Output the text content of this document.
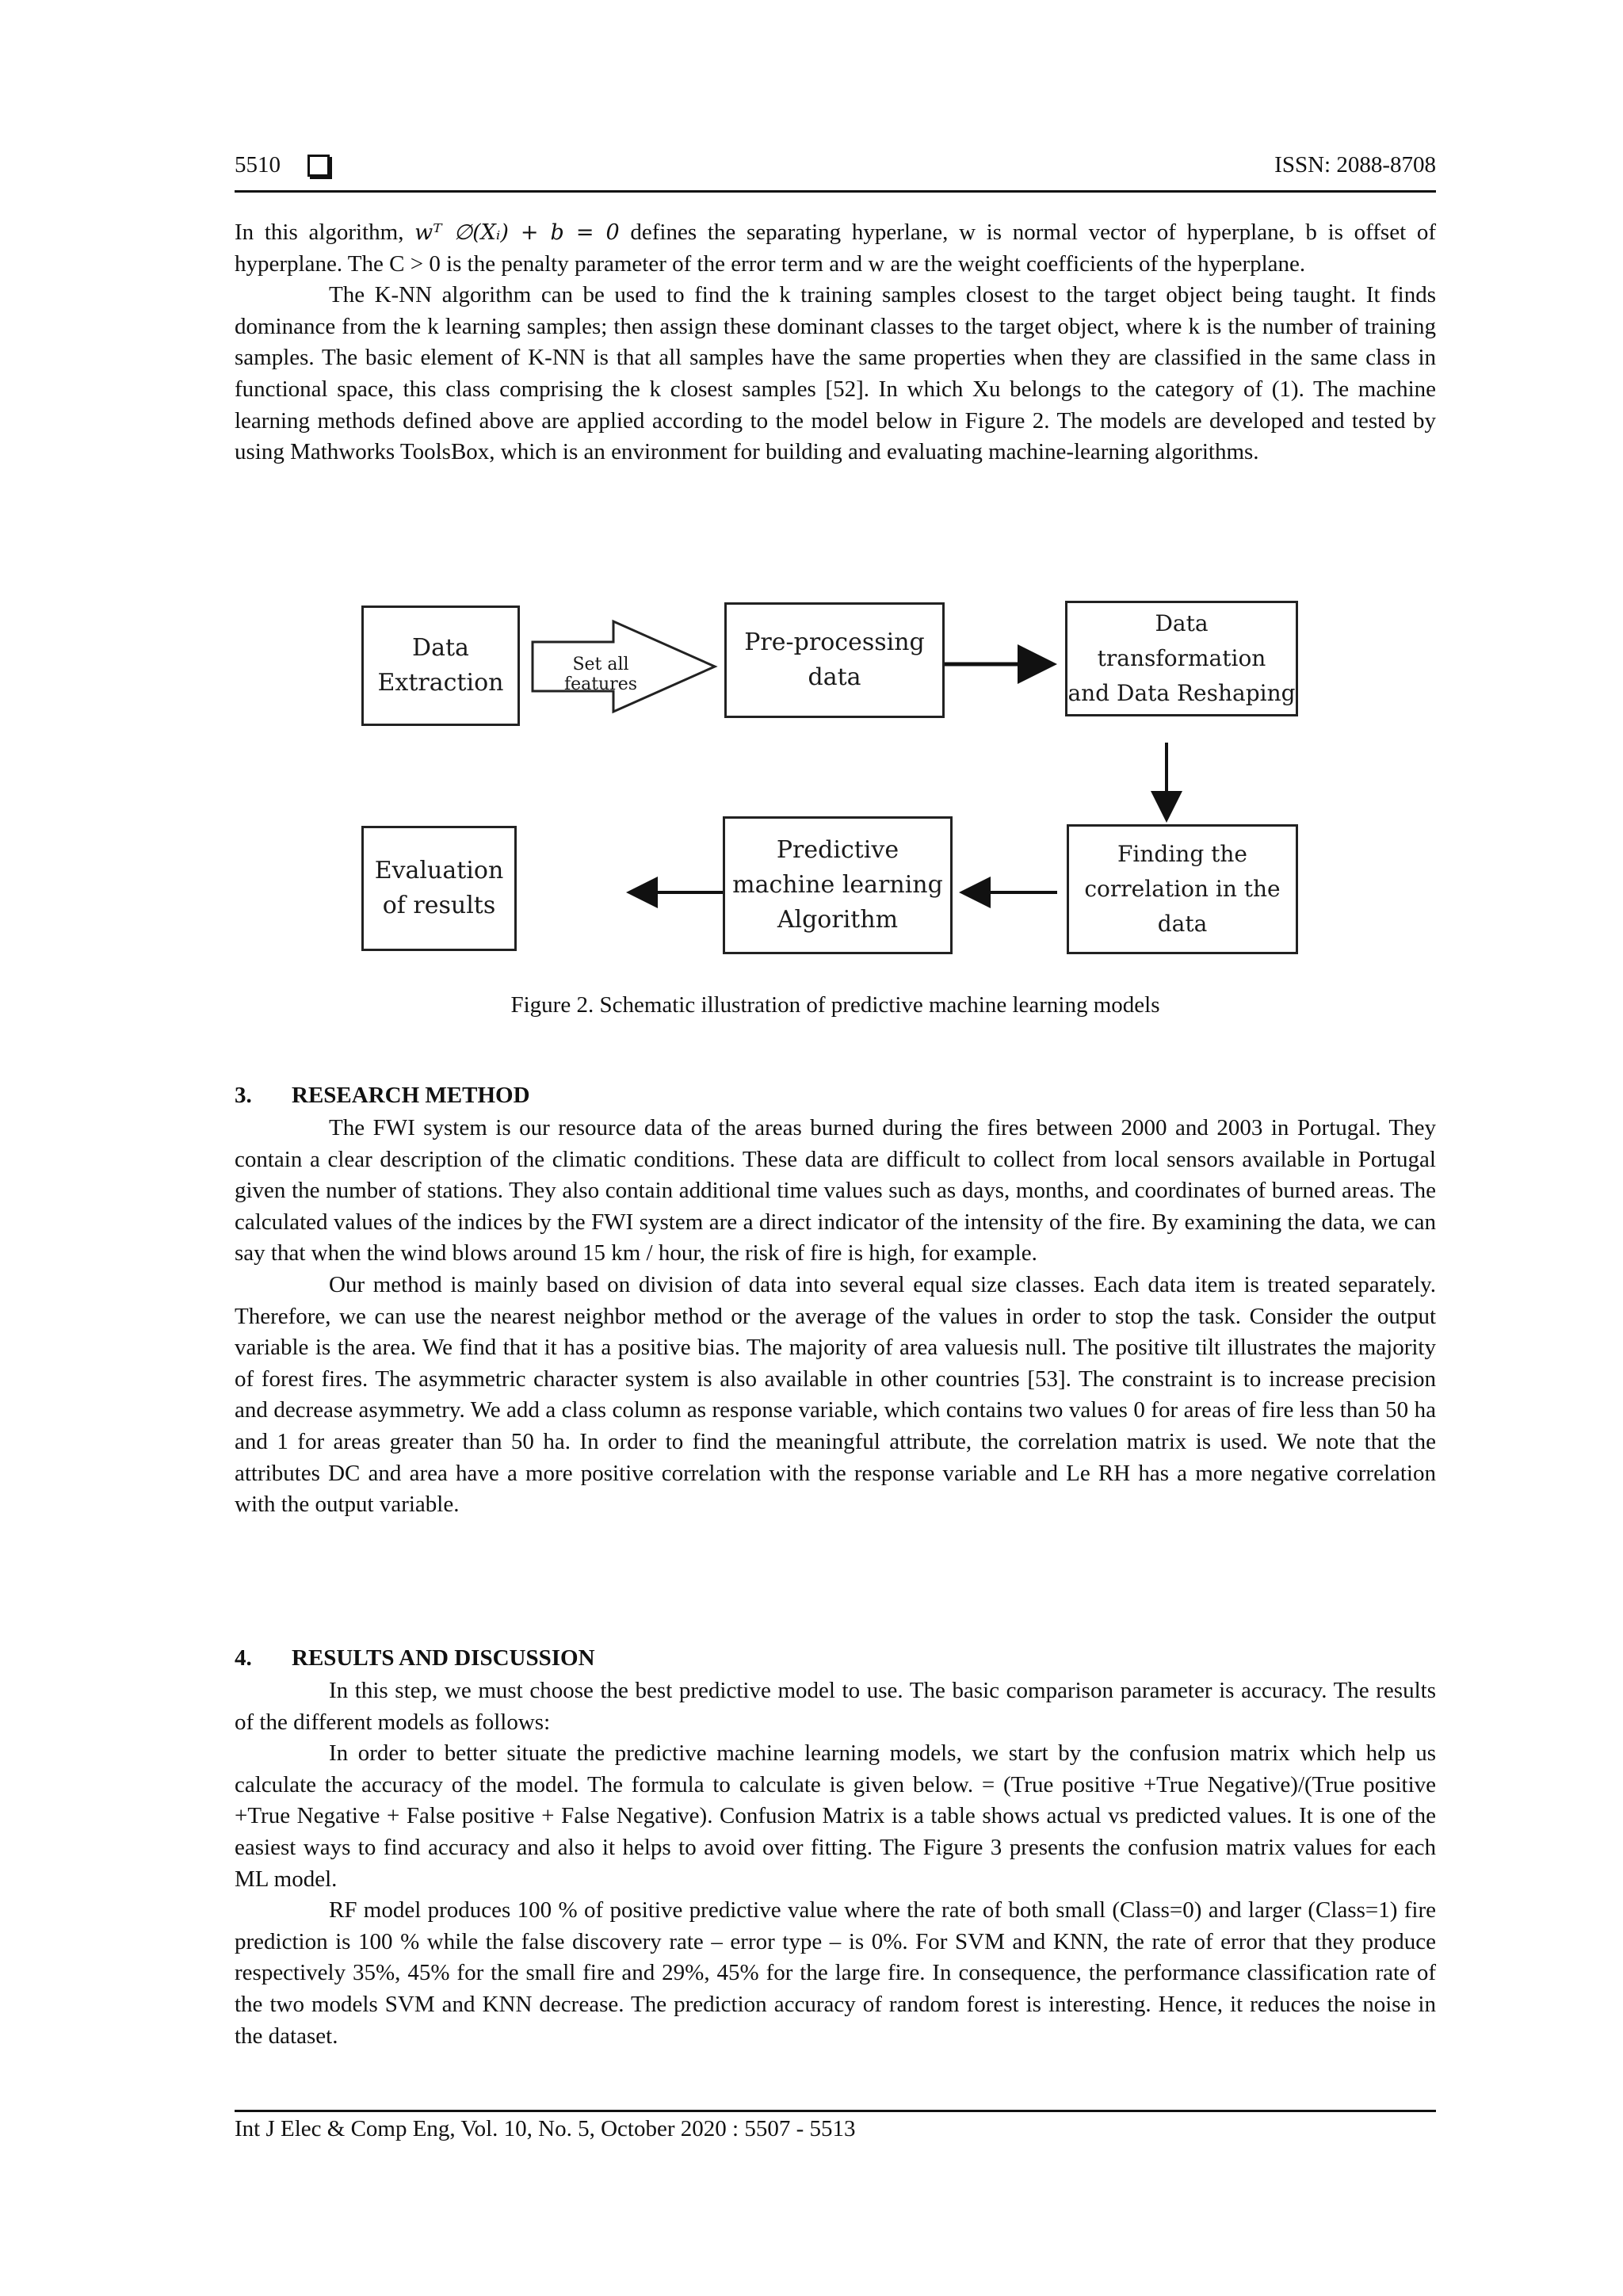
5510	ISSN: 2088-8708

In this algorithm, wᵀ ∅(Xᵢ) + b = 0 defines the separating hyperlane, w is normal vector of hyperplane, b is offset of hyperplane. The C > 0 is the penalty parameter of the error term and w are the weight coefficients of the hyperplane.

The K-NN algorithm can be used to find the k training samples closest to the target object being taught. It finds dominance from the k learning samples; then assign these dominant classes to the target object, where k is the number of training samples. The basic element of K-NN is that all samples have the same properties when they are classified in the same class in functional space, this class comprising the k closest samples [52]. In which Xu belongs to the category of (1). The machine learning methods defined above are applied according to the model below in Figure 2. The models are developed and tested by using Mathworks ToolsBox, which is an environment for building and evaluating machine-learning algorithms.

Data
Extraction
Set all features
Pre-processing
data
Data transformation
and Data Reshaping
Evaluation
of results
Predictive
machine learning
Algorithm
Finding the
correlation in the
data
Figure 2. Schematic illustration of predictive machine learning models
3. RESEARCH METHOD

The FWI system is our resource data of the areas burned during the fires between 2000 and 2003 in Portugal. They contain a clear description of the climatic conditions. These data are difficult to collect from local sensors available in Portugal given the number of stations. They also contain additional time values such as days, months, and coordinates of burned areas. The calculated values of the indices by the FWI system are a direct indicator of the intensity of the fire. By examining the data, we can say that when the wind blows around 15 km / hour, the risk of fire is high, for example.

Our method is mainly based on division of data into several equal size classes. Each data item is treated separately. Therefore, we can use the nearest neighbor method or the average of the values in order to stop the task. Consider the output variable is the area. We find that it has a positive bias. The majority of area valuesis null. The positive tilt illustrates the majority of forest fires. The asymmetric character system is also available in other countries [53]. The constraint is to increase precision and decrease asymmetry. We add a class column as response variable, which contains two values 0 for areas of fire less than 50 ha and 1 for areas greater than 50 ha. In order to find the meaningful attribute, the correlation matrix is used. We note that the attributes DC and area have a more positive correlation with the response variable and Le RH has a more negative correlation with the output variable.

4. RESULTS AND DISCUSSION

In this step, we must choose the best predictive model to use. The basic comparison parameter is accuracy. The results of the different models as follows:

In order to better situate the predictive machine learning models, we start by the confusion matrix which help us calculate the accuracy of the model. The formula to calculate is given below. = (True positive +True Negative)/(True positive +True Negative + False positive + False Negative). Confusion Matrix is a table shows actual vs predicted values. It is one of the easiest ways to find accuracy and also it helps to avoid over fitting. The Figure 3 presents the confusion matrix values for each ML model.

RF model produces 100 % of positive predictive value where the rate of both small (Class=0) and larger (Class=1) fire prediction is 100 % while the false discovery rate – error type – is 0%. For SVM and KNN, the rate of error that they produce respectively 35%, 45% for the small fire and 29%, 45% for the large fire. In consequence, the performance classification rate of the two models SVM and KNN decrease. The prediction accuracy of random forest is interesting. Hence, it reduces the noise in the dataset.

Int J Elec & Comp Eng, Vol. 10, No. 5, October 2020 : 5507 - 5513
